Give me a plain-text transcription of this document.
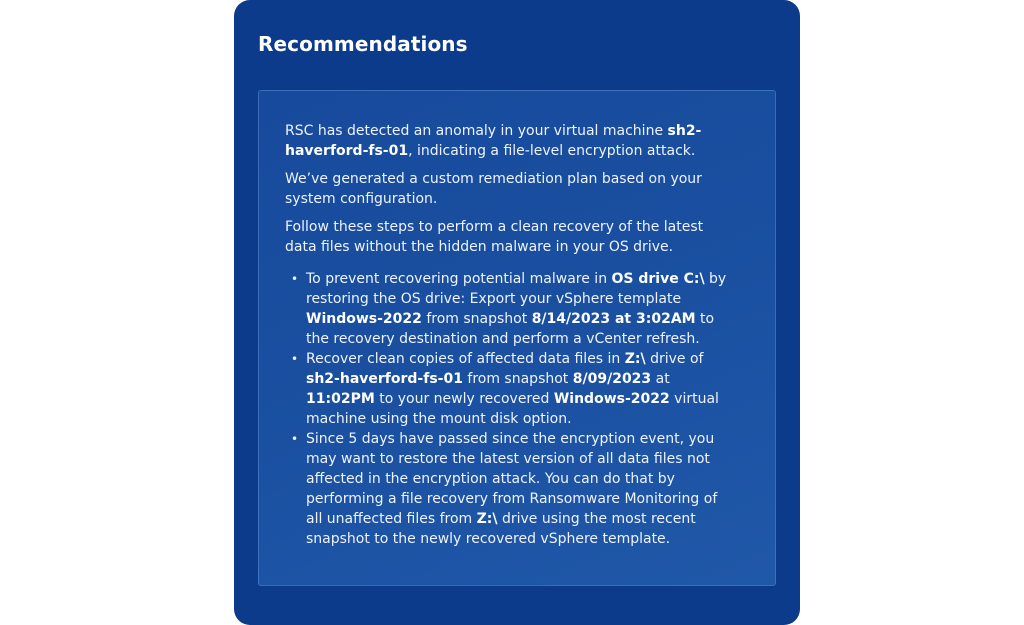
Recommendations

RSC has detected an anomaly in your virtual machine sh2-haverford-fs-01, indicating a file-level encryption attack.

We’ve generated a custom remediation plan based on your system configuration.

Follow these steps to perform a clean recovery of the latest data files without the hidden malware in your OS drive.

• To prevent recovering potential malware in OS drive C:\ by restoring the OS drive: Export your vSphere template Windows-2022 from snapshot 8/14/2023 at 3:02AM to the recovery destination and perform a vCenter refresh.
• Recover clean copies of affected data files in Z:\ drive of sh2-haverford-fs-01 from snapshot 8/09/2023 at 11:02PM to your newly recovered Windows-2022 virtual machine using the mount disk option.
• Since 5 days have passed since the encryption event, you may want to restore the latest version of all data files not affected in the encryption attack. You can do that by performing a file recovery from Ransomware Monitoring of all unaffected files from Z:\ drive using the most recent snapshot to the newly recovered vSphere template.
